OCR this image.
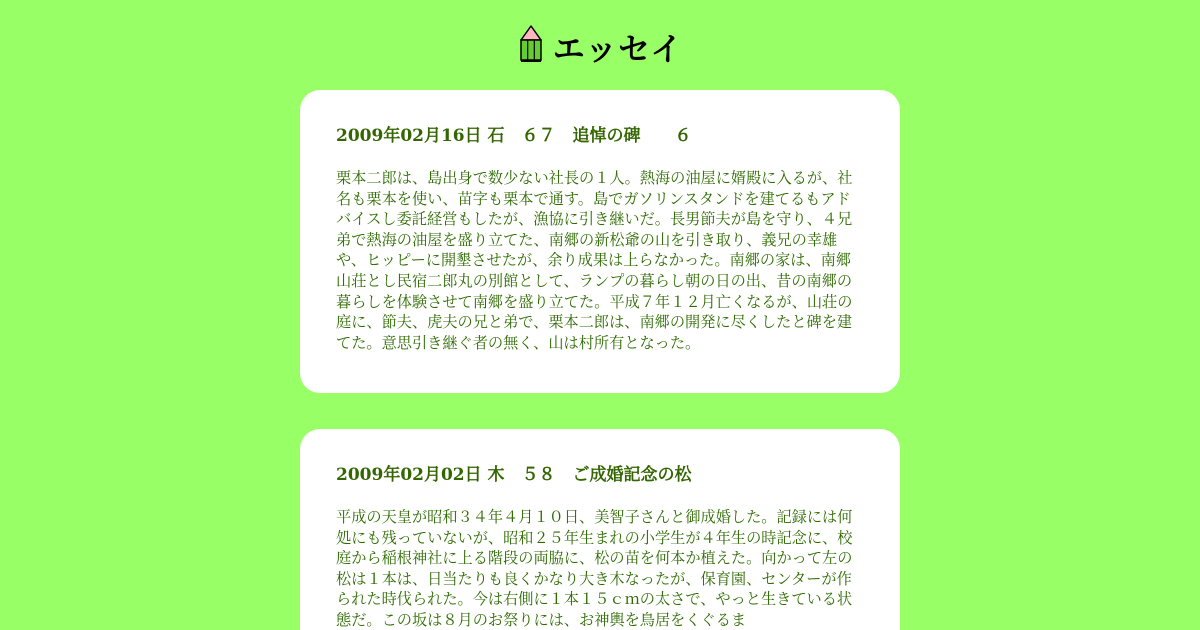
エッセイ
2009年02月16日 石　６７　追悼の碑　　６

栗本二郎は、島出身で数少ない社長の１人。熱海の油屋に婿殿に入るが、社名も栗本を使い、苗字も栗本で通す。島でガソリンスタンドを建てるもアドバイスし委託経営もしたが、漁協に引き継いだ。長男節夫が島を守り、４兄弟で熱海の油屋を盛り立てた、南郷の新松爺の山を引き取り、義兄の幸雄や、ヒッピーに開墾させたが、余り成果は上らなかった。南郷の家は、南郷山荘とし民宿二郎丸の別館として、ランプの暮らし朝の日の出、昔の南郷の暮らしを体験させて南郷を盛り立てた。平成７年１２月亡くなるが、山荘の庭に、節夫、虎夫の兄と弟で、栗本二郎は、南郷の開発に尽くしたと碑を建てた。意思引き継ぐ者の無く、山は村所有となった。

2009年02月02日 木　５８　ご成婚記念の松

平成の天皇が昭和３４年４月１０日、美智子さんと御成婚した。記録には何処にも残っていないが、昭和２５年生まれの小学生が４年生の時記念に、校庭から稲根神社に上る階段の両脇に、松の苗を何本か植えた。向かって左の松は１本は、日当たりも良くかなり大き木なったが、保育園、センターが作られた時伐られた。今は右側に１本１５ｃｍの太さで、やっと生きている状態だ。この坂は８月のお祭りには、お神輿を鳥居をくぐるま
